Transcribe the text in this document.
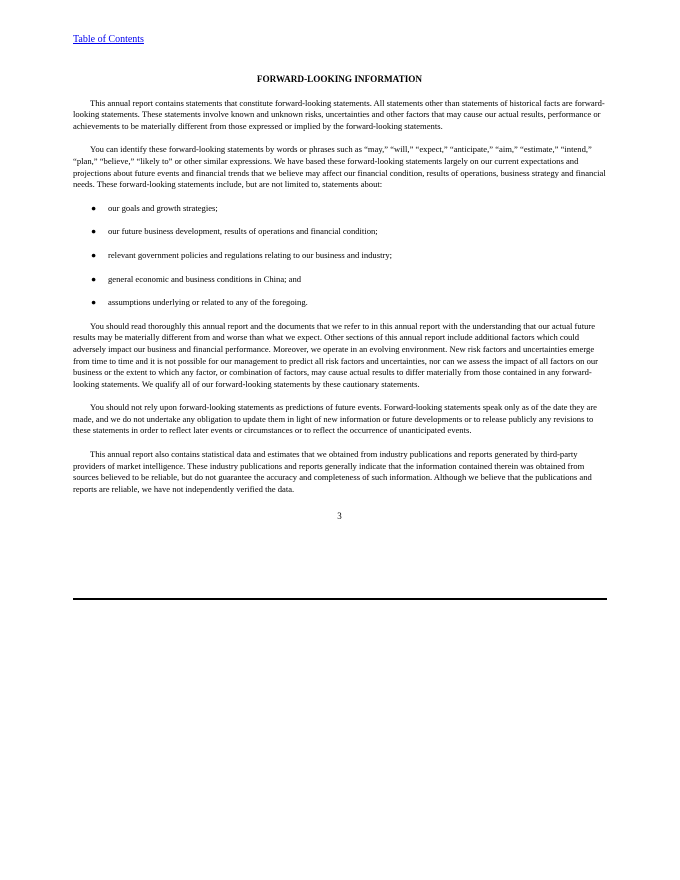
Table of Contents
FORWARD-LOOKING INFORMATION

This annual report contains statements that constitute forward-looking statements. All statements other than statements of historical facts are forward-looking statements. These statements involve known and unknown risks, uncertainties and other factors that may cause our actual results, performance or achievements to be materially different from those expressed or implied by the forward-looking statements.

You can identify these forward-looking statements by words or phrases such as “may,” “will,” “expect,” “anticipate,” “aim,” “estimate,” “intend,” “plan,” “believe,” “likely to” or other similar expressions. We have based these forward-looking statements largely on our current expectations and projections about future events and financial trends that we believe may affect our financial condition, results of operations, business strategy and financial needs. These forward-looking statements include, but are not limited to, statements about:

● our goals and growth strategies;
● our future business development, results of operations and financial condition;
● relevant government policies and regulations relating to our business and industry;
● general economic and business conditions in China; and
● assumptions underlying or related to any of the foregoing.

You should read thoroughly this annual report and the documents that we refer to in this annual report with the understanding that our actual future results may be materially different from and worse than what we expect. Other sections of this annual report include additional factors which could adversely impact our business and financial performance. Moreover, we operate in an evolving environment. New risk factors and uncertainties emerge from time to time and it is not possible for our management to predict all risk factors and uncertainties, nor can we assess the impact of all factors on our business or the extent to which any factor, or combination of factors, may cause actual results to differ materially from those contained in any forward-looking statements. We qualify all of our forward-looking statements by these cautionary statements.

You should not rely upon forward-looking statements as predictions of future events. Forward-looking statements speak only as of the date they are made, and we do not undertake any obligation to update them in light of new information or future developments or to release publicly any revisions to these statements in order to reflect later events or circumstances or to reflect the occurrence of unanticipated events.

This annual report also contains statistical data and estimates that we obtained from industry publications and reports generated by third-party providers of market intelligence. These industry publications and reports generally indicate that the information contained therein was obtained from sources believed to be reliable, but do not guarantee the accuracy and completeness of such information. Although we believe that the publications and reports are reliable, we have not independently verified the data.

3
